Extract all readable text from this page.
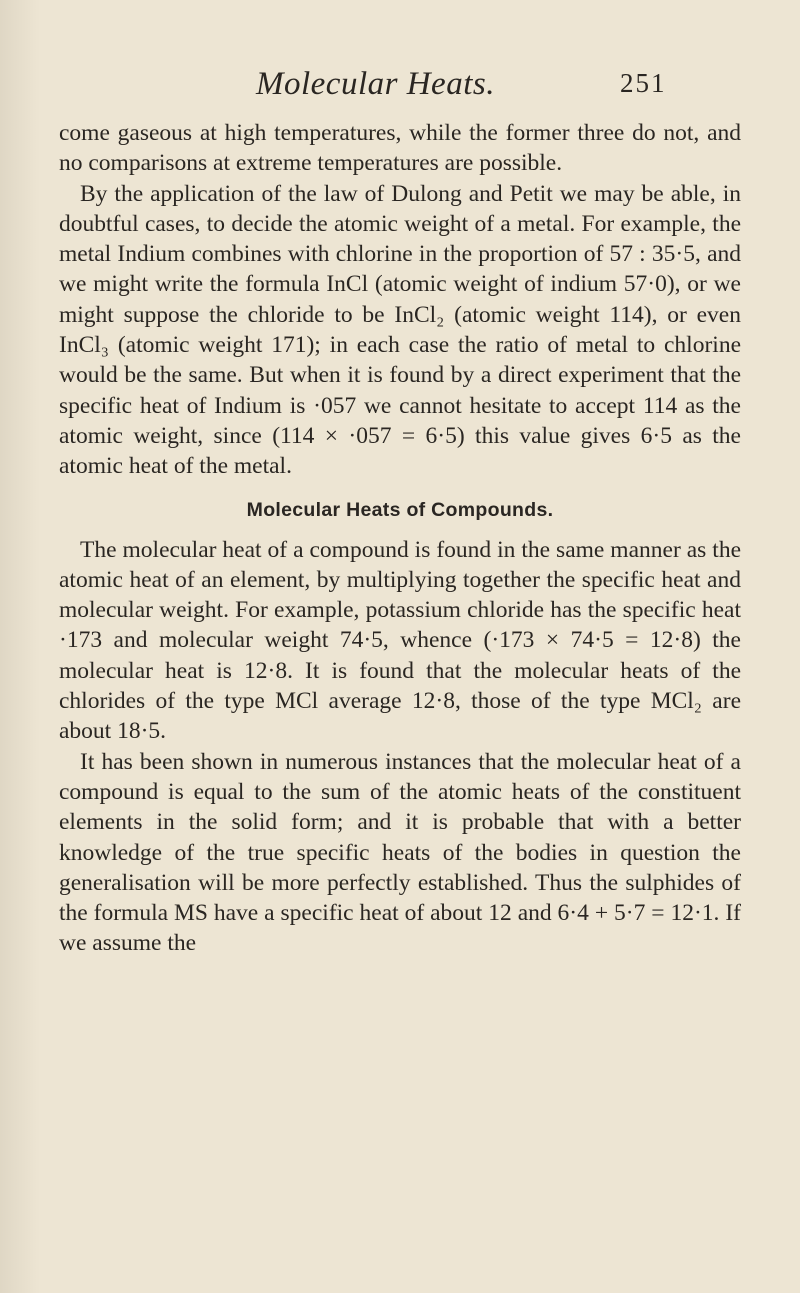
Molecular Heats.	251

come gaseous at high temperatures, while the former three do not, and no comparisons at extreme temperatures are possible.

By the application of the law of Dulong and Petit we may be able, in doubtful cases, to decide the atomic weight of a metal. For example, the metal Indium combines with chlorine in the proportion of 57 : 35·5, and we might write the formula InCl (atomic weight of indium 57·0), or we might suppose the chloride to be InCl₂ (atomic weight 114), or even InCl₃ (atomic weight 171); in each case the ratio of metal to chlorine would be the same. But when it is found by a direct experiment that the specific heat of Indium is ·057 we cannot hesitate to accept 114 as the atomic weight, since (114 × ·057 = 6·5) this value gives 6·5 as the atomic heat of the metal.

Molecular Heats of Compounds.

The molecular heat of a compound is found in the same manner as the atomic heat of an element, by multiplying together the specific heat and molecular weight. For example, potassium chloride has the specific heat ·173 and molecular weight 74·5, whence (·173 × 74·5 = 12·8) the molecular heat is 12·8. It is found that the molecular heats of the chlorides of the type MCl average 12·8, those of the type MCl₂ are about 18·5.

It has been shown in numerous instances that the molecular heat of a compound is equal to the sum of the atomic heats of the constituent elements in the solid form; and it is probable that with a better knowledge of the true specific heats of the bodies in question the generalisation will be more perfectly established. Thus the sulphides of the formula MS have a specific heat of about 12 and 6·4 + 5·7 = 12·1. If we assume the
